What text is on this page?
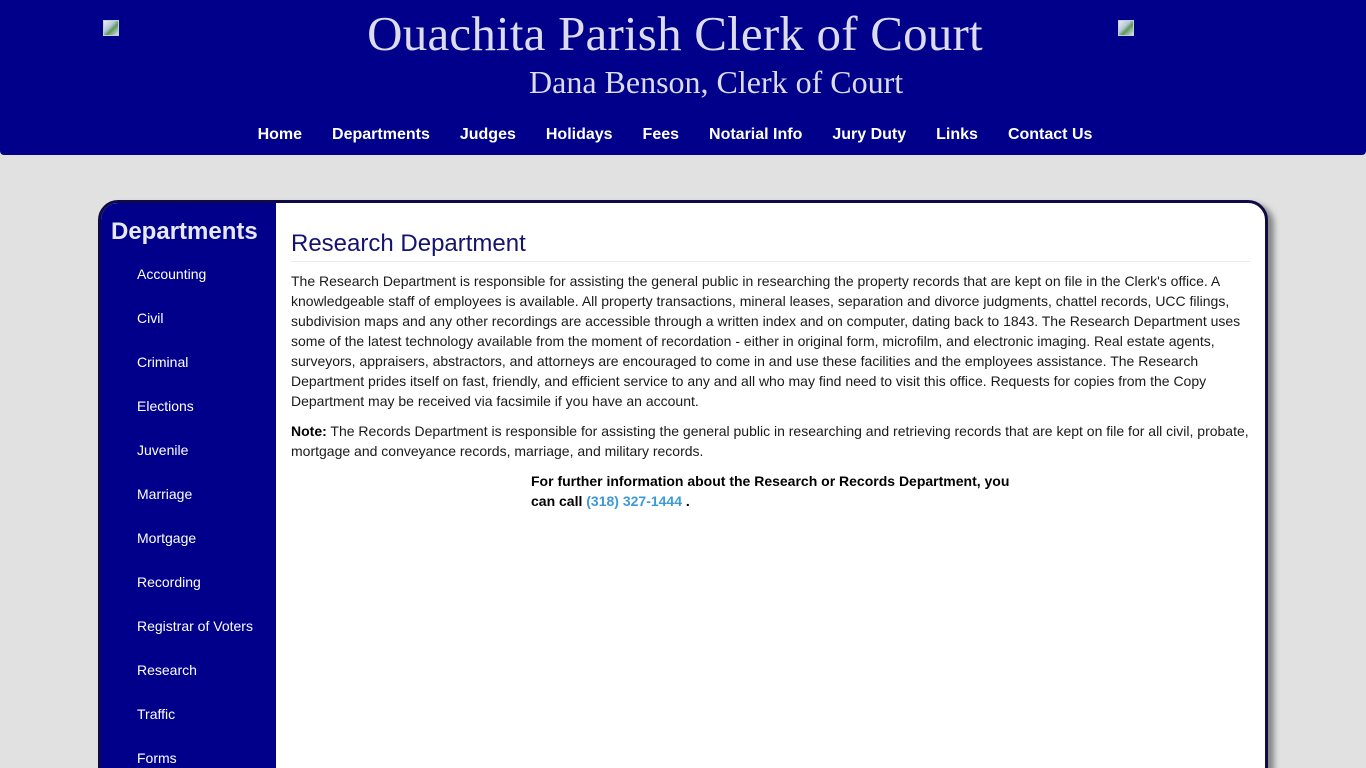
Ouachita Parish Clerk of Court
Dana Benson, Clerk of Court
Home Departments Judges Holidays Fees Notarial Info Jury Duty Links Contact Us
Departments
Accounting
Civil
Criminal
Elections
Juvenile
Marriage
Mortgage
Recording
Registrar of Voters
Research
Traffic
Forms
Research Department

The Research Department is responsible for assisting the general public in researching the property records that are kept on file in the Clerk's office. A knowledgeable staff of employees is available. All property transactions, mineral leases, separation and divorce judgments, chattel records, UCC filings, subdivision maps and any other recordings are accessible through a written index and on computer, dating back to 1843. The Research Department uses some of the latest technology available from the moment of recordation - either in original form, microfilm, and electronic imaging. Real estate agents, surveyors, appraisers, abstractors, and attorneys are encouraged to come in and use these facilities and the employees assistance. The Research Department prides itself on fast, friendly, and efficient service to any and all who may find need to visit this office. Requests for copies from the Copy Department may be received via facsimile if you have an account.

Note: The Records Department is responsible for assisting the general public in researching and retrieving records that are kept on file for all civil, probate, mortgage and conveyance records, marriage, and military records.

For further information about the Research or Records Department, you can call (318) 327-1444 .
